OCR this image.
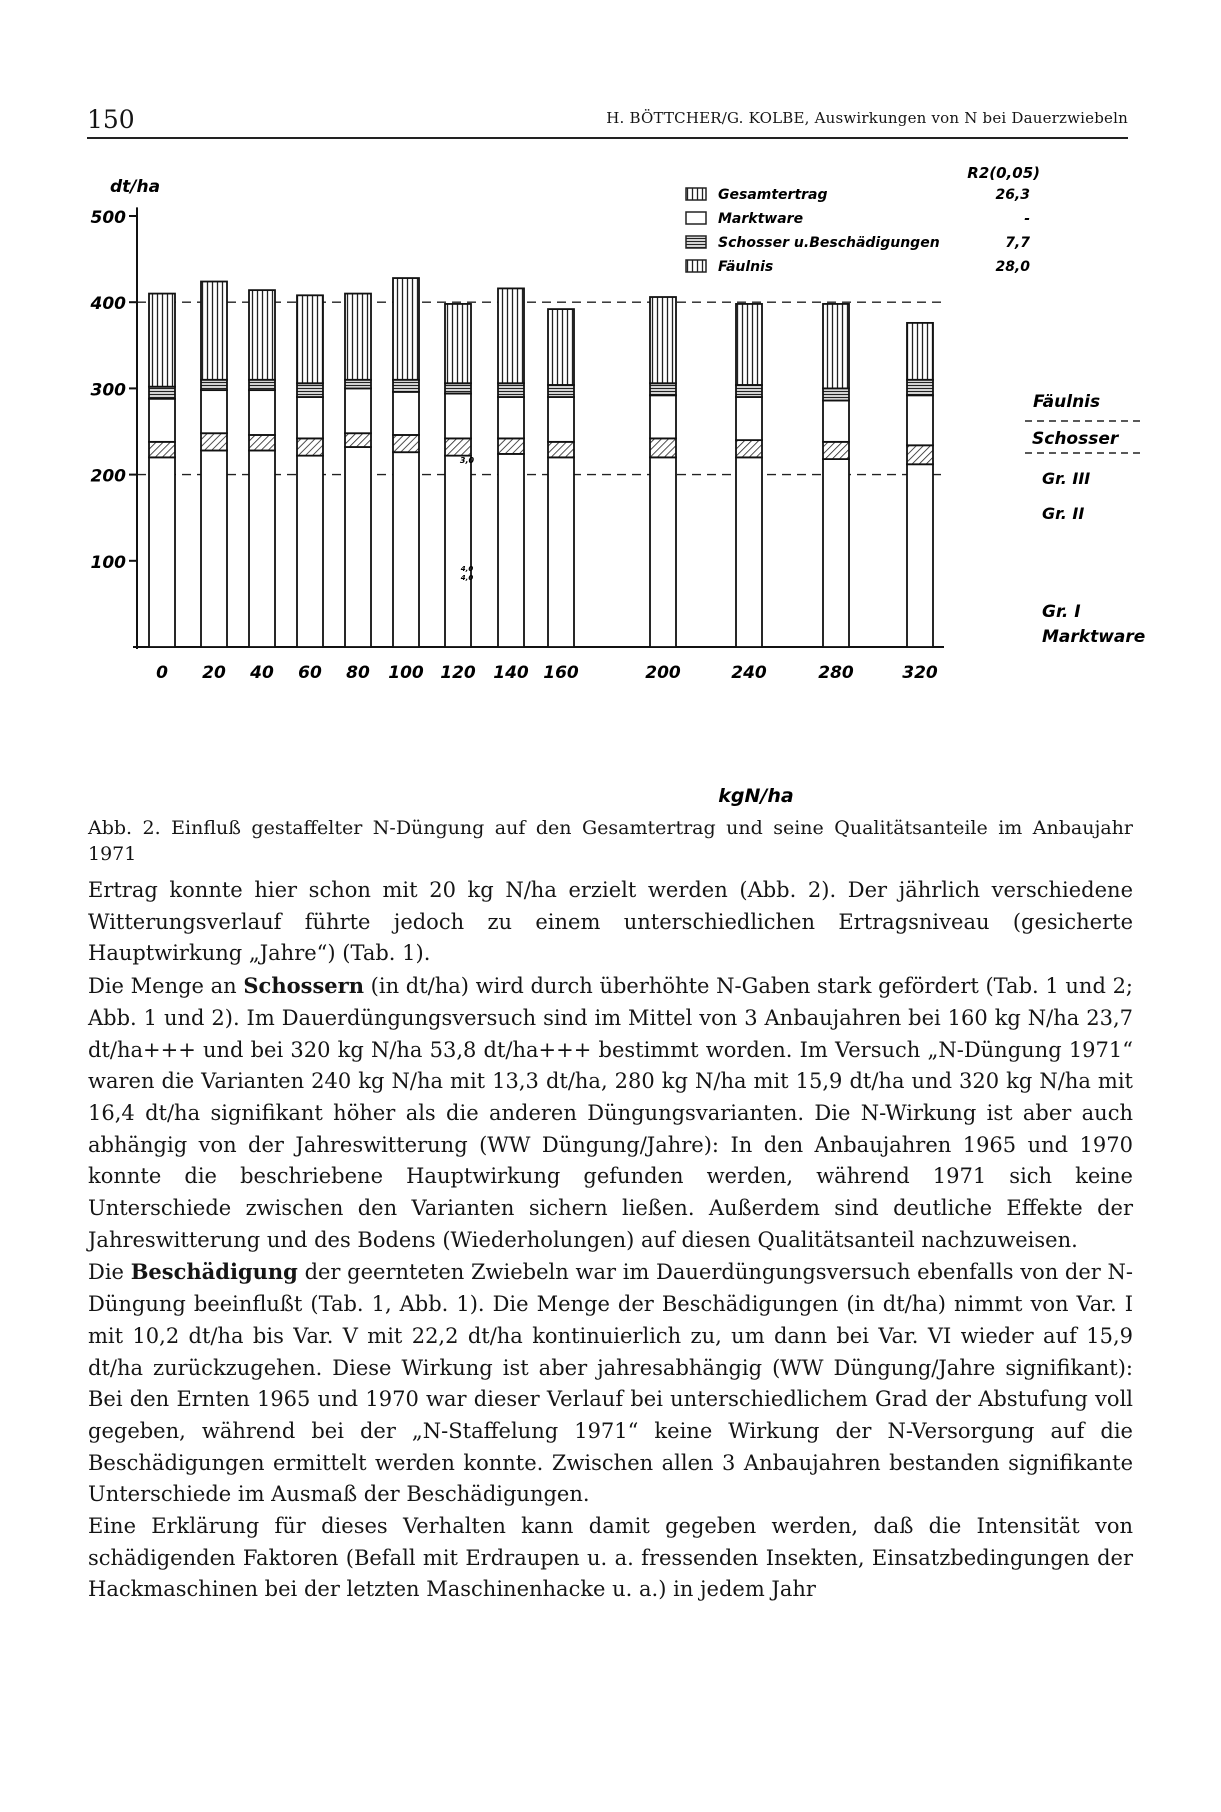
150	H. BÖTTCHER/G. KOLBE, Auswirkungen von N bei Dauerzwiebeln
100
200
300
400
500
0 20 40 60 80 100 120 140 160	200	240	280	320
dt/ha
kgN/ha
R2(0,05)
Gesamtertrag	26,3
Marktware	-
Schosser u.Beschädigungen	7,7
Fäulnis	28,0
Fäulnis
Schosser
Gr. III
Gr. II
Gr. I
Marktware
3,0
4,0
4,0
Abb. 2. Einfluß gestaffelter N-Düngung auf den Gesamtertrag und seine Qualitätsanteile im Anbaujahr 1971

Ertrag konnte hier schon mit 20 kg N/ha erzielt werden (Abb. 2). Der jährlich verschiedene Witterungsverlauf führte jedoch zu einem unterschiedlichen Ertragsniveau (gesicherte Hauptwirkung „Jahre“) (Tab. 1).

Die Menge an Schossern (in dt/ha) wird durch überhöhte N-Gaben stark gefördert (Tab. 1 und 2; Abb. 1 und 2). Im Dauerdüngungsversuch sind im Mittel von 3 Anbaujahren bei 160 kg N/ha 23,7 dt/ha+++ und bei 320 kg N/ha 53,8 dt/ha+++ bestimmt worden. Im Versuch „N-Düngung 1971“ waren die Varianten 240 kg N/ha mit 13,3 dt/ha, 280 kg N/ha mit 15,9 dt/ha und 320 kg N/ha mit 16,4 dt/ha signifikant höher als die anderen Düngungsvarianten. Die N-Wirkung ist aber auch abhängig von der Jahreswitterung (WW Düngung/Jahre): In den Anbaujahren 1965 und 1970 konnte die beschriebene Hauptwirkung gefunden werden, während 1971 sich keine Unterschiede zwischen den Varianten sichern ließen. Außerdem sind deutliche Effekte der Jahreswitterung und des Bodens (Wiederholungen) auf diesen Qualitätsanteil nachzuweisen.

Die Beschädigung der geernteten Zwiebeln war im Dauerdüngungsversuch ebenfalls von der N-Düngung beeinflußt (Tab. 1, Abb. 1). Die Menge der Beschädigungen (in dt/ha) nimmt von Var. I mit 10,2 dt/ha bis Var. V mit 22,2 dt/ha kontinuierlich zu, um dann bei Var. VI wieder auf 15,9 dt/ha zurückzugehen. Diese Wirkung ist aber jahresabhängig (WW Düngung/Jahre signifikant): Bei den Ernten 1965 und 1970 war dieser Verlauf bei unterschiedlichem Grad der Abstufung voll gegeben, während bei der „N-Staffelung 1971“ keine Wirkung der N-Versorgung auf die Beschädigungen ermittelt werden konnte. Zwischen allen 3 Anbaujahren bestanden signifikante Unterschiede im Ausmaß der Beschädigungen.

Eine Erklärung für dieses Verhalten kann damit gegeben werden, daß die Intensität von schädigenden Faktoren (Befall mit Erdraupen u. a. fressenden Insekten, Einsatzbedingungen der Hackmaschinen bei der letzten Maschinenhacke u. a.) in jedem Jahr
